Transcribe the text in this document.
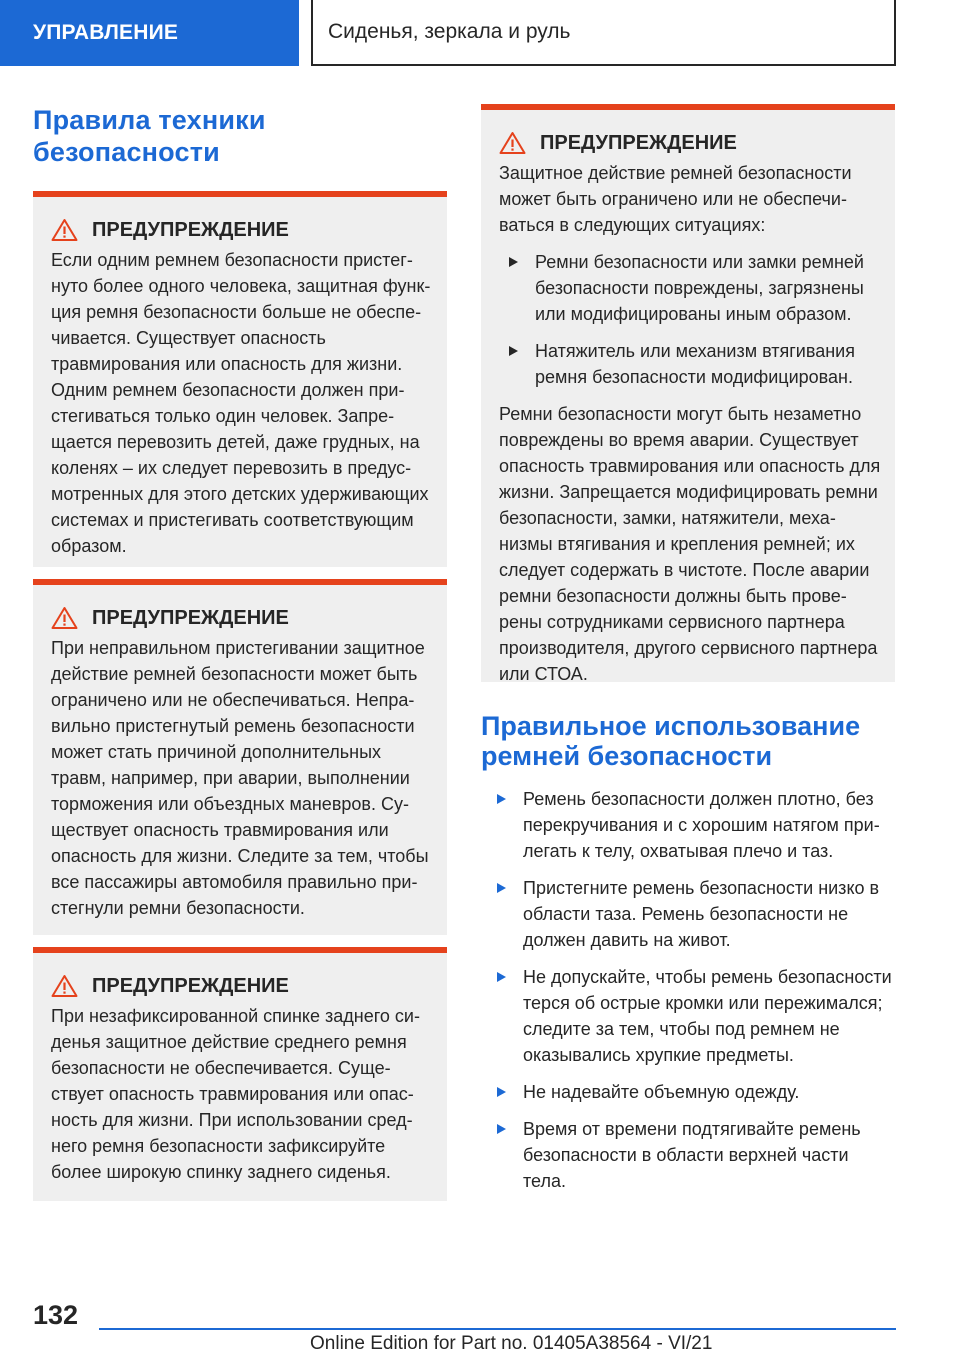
УПРАВЛЕНИЕ	Сиденья, зеркала и руль
Правила техники безопасности
ПРЕДУПРЕЖДЕНИЕ

Если одним ремнем безопасности пристегнуто более одного человека, защитная функция ремня безопасности больше не обеспечивается. Существует опасность травмирования или опасность для жизни. Одним ремнем безопасности должен пристегиваться только один человек. Запрещается перевозить детей, даже грудных, на коленях – их следует перевозить в предусмотренных для этого детских удерживающих системах и пристегивать соответствующим образом.

ПРЕДУПРЕЖДЕНИЕ

При неправильном пристегивании защитное действие ремней безопасности может быть ограничено или не обеспечиваться. Неправильно пристегнутый ремень безопасности может стать причиной дополнительных травм, например, при аварии, выполнении торможения или объездных маневров. Существует опасность травмирования или опасность для жизни. Следите за тем, чтобы все пассажиры автомобиля правильно пристегнули ремни безопасности.

ПРЕДУПРЕЖДЕНИЕ

При незафиксированной спинке заднего сиденья защитное действие среднего ремня безопасности не обеспечивается. Существует опасность травмирования или опасность для жизни. При использовании среднего ремня безопасности зафиксируйте более широкую спинку заднего сиденья.

ПРЕДУПРЕЖДЕНИЕ

Защитное действие ремней безопасности может быть ограничено или не обеспечиваться в следующих ситуациях:

Ремни безопасности или замки ремней безопасности повреждены, загрязнены или модифицированы иным образом.
Натяжитель или механизм втягивания ремня безопасности модифицирован.

Ремни безопасности могут быть незаметно повреждены во время аварии. Существует опасность травмирования или опасность для жизни. Запрещается модифицировать ремни безопасности, замки, натяжители, механизмы втягивания и крепления ремней; их следует содержать в чистоте. После аварии ремни безопасности должны быть проверены сотрудниками сервисного партнера производителя, другого сервисного партнера или СТОА.

Правильное использование ремней безопасности
Ремень безопасности должен плотно, без перекручивания и с хорошим натягом прилегать к телу, охватывая плечо и таз.
Пристегните ремень безопасности низко в области таза. Ремень безопасности не должен давить на живот.
Не допускайте, чтобы ремень безопасности терся об острые кромки или пережимался; следите за тем, чтобы под ремнем не оказывались хрупкие предметы.
Не надевайте объемную одежду.
Время от времени подтягивайте ремень безопасности в области верхней части тела.
132
Online Edition for Part no. 01405A38564 - VI/21
